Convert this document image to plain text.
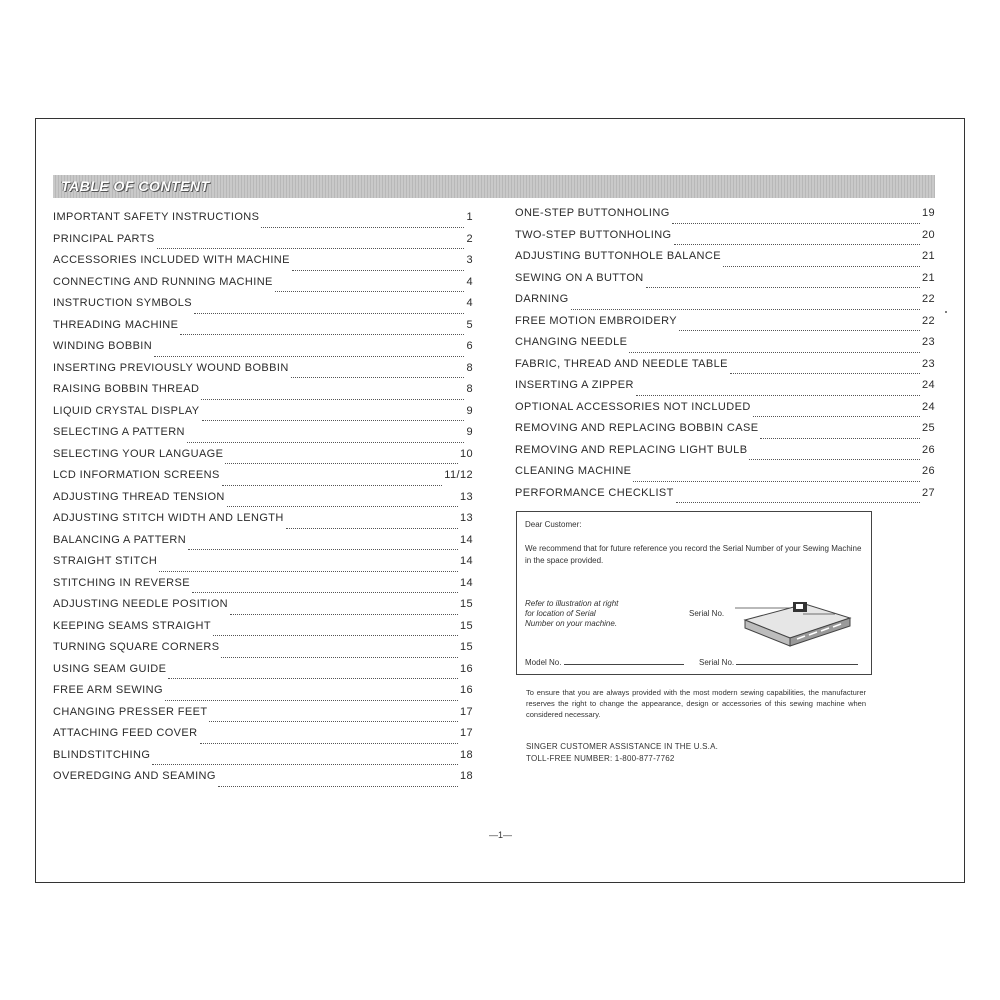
TABLE OF CONTENT
IMPORTANT SAFETY INSTRUCTIONS	1
PRINCIPAL PARTS	2
ACCESSORIES INCLUDED WITH MACHINE	3
CONNECTING AND RUNNING MACHINE	4
INSTRUCTION SYMBOLS	4
THREADING MACHINE	5
WINDING BOBBIN	6
INSERTING PREVIOUSLY WOUND BOBBIN	8
RAISING BOBBIN THREAD	8
LIQUID CRYSTAL DISPLAY	9
SELECTING A PATTERN	9
SELECTING YOUR LANGUAGE	10
LCD INFORMATION SCREENS	11/12
ADJUSTING THREAD TENSION	13
ADJUSTING STITCH WIDTH AND LENGTH	13
BALANCING A PATTERN	14
STRAIGHT STITCH	14
STITCHING IN REVERSE	14
ADJUSTING NEEDLE POSITION	15
KEEPING SEAMS STRAIGHT	15
TURNING SQUARE CORNERS	15
USING SEAM GUIDE	16
FREE ARM SEWING	16
CHANGING PRESSER FEET	17
ATTACHING FEED COVER	17
BLINDSTITCHING	18
OVEREDGING AND SEAMING	18
ONE-STEP BUTTONHOLING	19
TWO-STEP BUTTONHOLING	20
ADJUSTING BUTTONHOLE BALANCE	21
SEWING ON A BUTTON	21
DARNING	22
FREE MOTION EMBROIDERY	22
CHANGING NEEDLE	23
FABRIC, THREAD AND NEEDLE TABLE	23
INSERTING A ZIPPER	24
OPTIONAL ACCESSORIES NOT INCLUDED	24
REMOVING AND REPLACING BOBBIN CASE	25
REMOVING AND REPLACING LIGHT BULB	26
CLEANING MACHINE	26
PERFORMANCE CHECKLIST	27
Dear Customer:
We recommend that for future reference you record the Serial Number of your Sewing Machine in the space provided.
Refer to illustration at right for location of Serial Number on your machine.
Serial No.
Model No.	Serial No.
To ensure that you are always provided with the most modern sewing capabilities, the manufacturer reserves the right to change the appearance, design or accessories of this sewing machine when considered necessary.
SINGER CUSTOMER ASSISTANCE IN THE U.S.A.
TOLL-FREE NUMBER: 1-800-877-7762
—1—
